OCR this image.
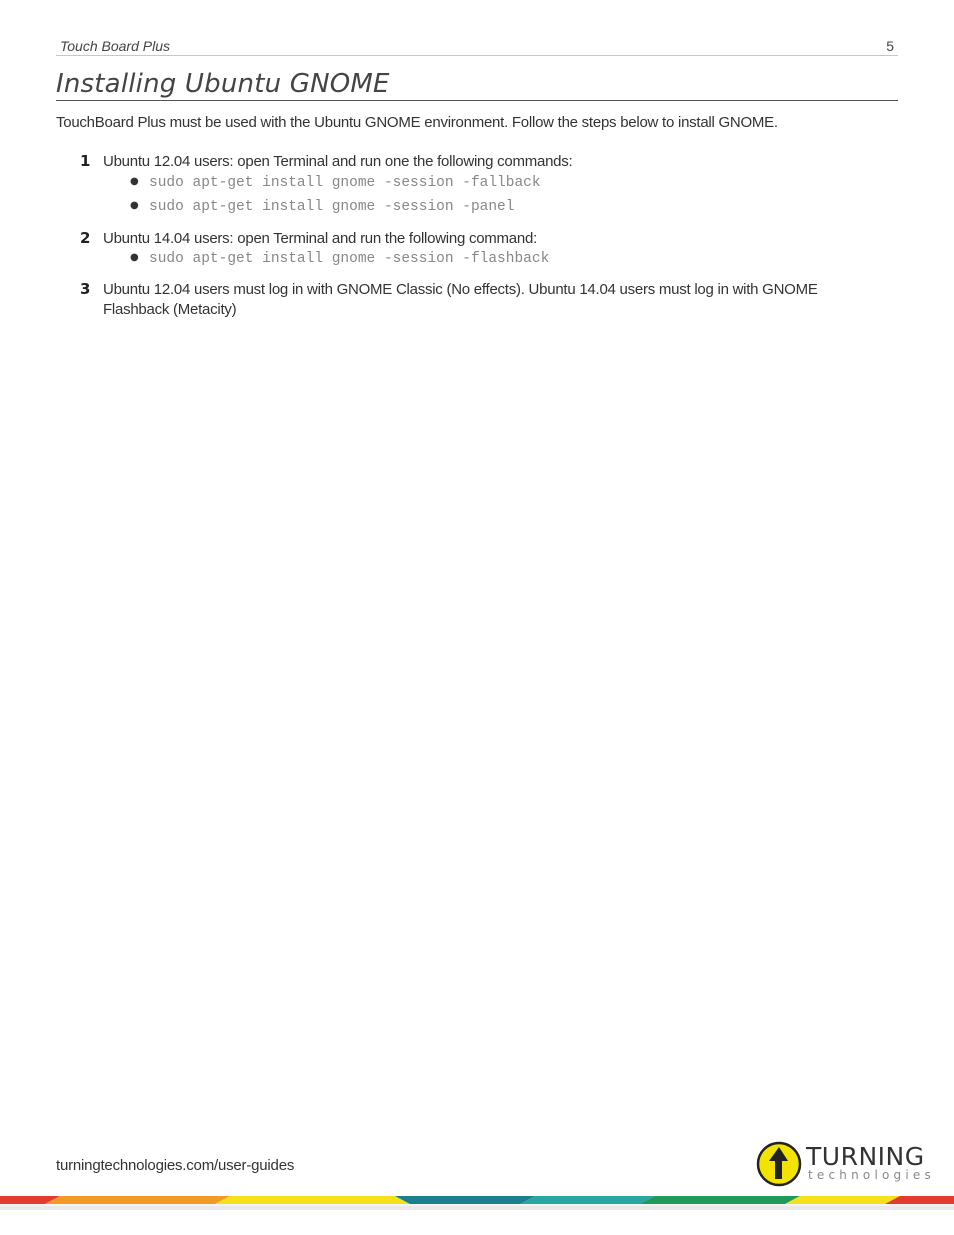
Touch Board Plus	5
Installing Ubuntu GNOME
TouchBoard Plus must be used with the Ubuntu GNOME environment. Follow the steps below to install GNOME.
1 Ubuntu 12.04 users: open Terminal and run one the following commands:
● sudo apt-get install gnome -session -fallback
● sudo apt-get install gnome -session -panel
2 Ubuntu 14.04 users: open Terminal and run the following command:
● sudo apt-get install gnome -session -flashback
3 Ubuntu 12.04 users must log in with GNOME Classic (No effects). Ubuntu 14.04 users must log in with GNOME Flashback (Metacity)
turningtechnologies.com/user-guides	TURNING
technologies
